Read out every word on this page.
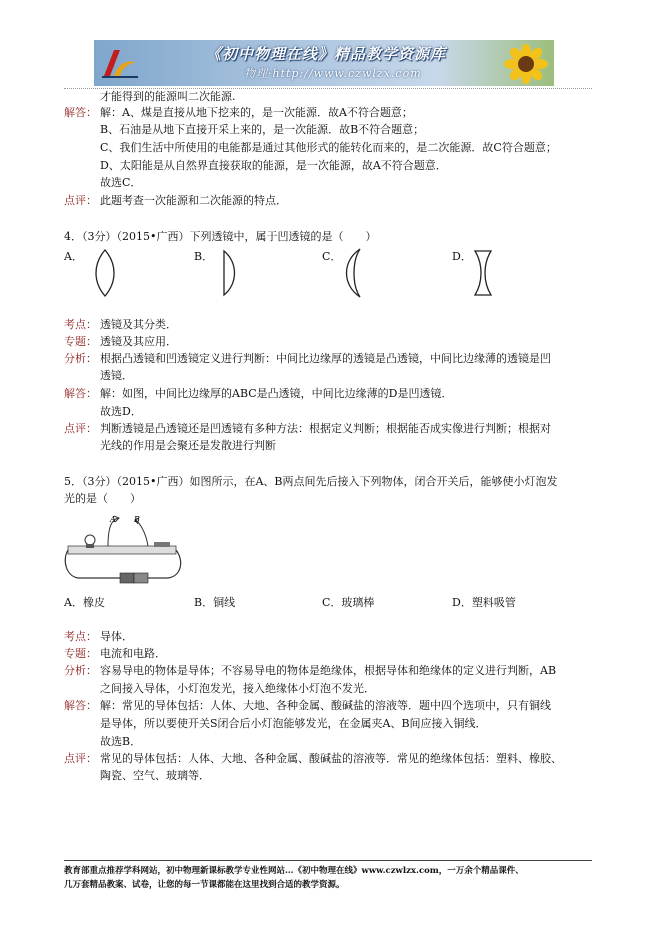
《初中物理在线》精品教学资源库
物理·http://www.czwlzx.com
才能得到的能源叫二次能源.
解答： 解：A、煤是直接从地下挖来的，是一次能源．故A不符合题意；
B、石油是从地下直接开采上来的，是一次能源．故B不符合题意；
C、我们生活中所使用的电能都是通过其他形式的能转化而来的，是二次能源．故C符合题意；
D、太阳能是从自然界直接获取的能源，是一次能源，故A不符合题意．
故选C．
点评： 此题考查一次能源和二次能源的特点．
4．（3分）（2015•广西）下列透镜中，属于凹透镜的是（　　）
A．	B．	C．	D．
考点： 透镜及其分类．
专题： 透镜及其应用．
分析： 根据凸透镜和凹透镜定义进行判断：中间比边缘厚的透镜是凸透镜，中间比边缘薄的透镜是凹
透镜．
解答： 解：如图，中间比边缘厚的ABC是凸透镜，中间比边缘薄的D是凹透镜．
故选D．
点评： 判断透镜是凸透镜还是凹透镜有多种方法：根据定义判断；根据能否成实像进行判断；根据对
光线的作用是会聚还是发散进行判断
5．（3分）（2015•广西）如图所示，在A、B两点间先后接入下列物体，闭合开关后，能够使小灯泡发
光的是（　　）
A B
A．橡皮	B．铜线	C．玻璃棒	D．塑料吸管
考点： 导体．
专题： 电流和电路．
分析： 容易导电的物体是导体；不容易导电的物体是绝缘体，根据导体和绝缘体的定义进行判断，AB
之间接入导体，小灯泡发光，接入绝缘体小灯泡不发光．
解答： 解：常见的导体包括：人体、大地、各种金属、酸碱盐的溶液等．题中四个选项中，只有铜线
是导体，所以要使开关S闭合后小灯泡能够发光，在金属夹A、B间应接入铜线．
故选B．
点评： 常见的导体包括：人体、大地、各种金属、酸碱盐的溶液等．常见的绝缘体包括：塑料、橡胶、
陶瓷、空气、玻璃等．
教育部重点推荐学科网站，初中物理新课标教学专业性网站…《初中物理在线》www.czwlzx.com，一万余个精品课件、
几万套精品教案、试卷，让您的每一节课都能在这里找到合适的教学资源。
